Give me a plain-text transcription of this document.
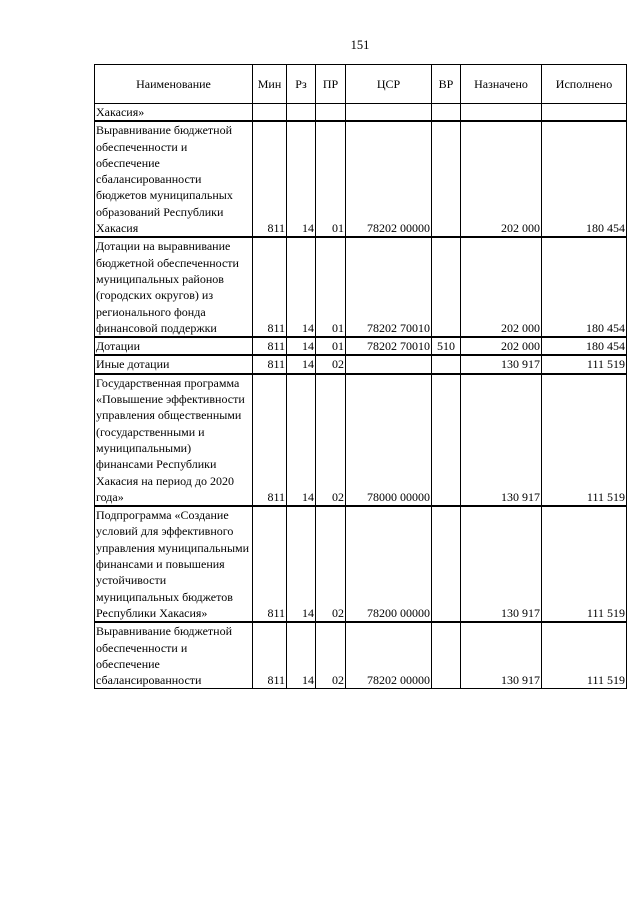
151
Наименование	Мин	Рз	ПР	ЦСР	ВР	Назначено	Исполнено
Хакасия»							
Выравнивание бюджетной обеспеченности и обеспечение сбалансированности бюджетов муниципальных образований Республики Хакасия	811	14	01	78202 00000		202 000	180 454
Дотации на выравнивание бюджетной обеспеченности муниципальных районов (городских округов) из регионального фонда финансовой поддержки	811	14	01	78202 70010		202 000	180 454
Дотации	811	14	01	78202 70010	510	202 000	180 454
Иные дотации	811	14	02			130 917	111 519
Государственная программа «Повышение эффективности управления общественными (государственными и муниципальными) финансами Республики Хакасия на период до 2020 года»	811	14	02	78000 00000		130 917	111 519
Подпрограмма «Создание условий для эффективного управления муниципальными финансами и повышения устойчивости муниципальных бюджетов Республики Хакасия»	811	14	02	78200 00000		130 917	111 519
Выравнивание бюджетной обеспеченности и обеспечение сбалансированности	811	14	02	78202 00000		130 917	111 519
